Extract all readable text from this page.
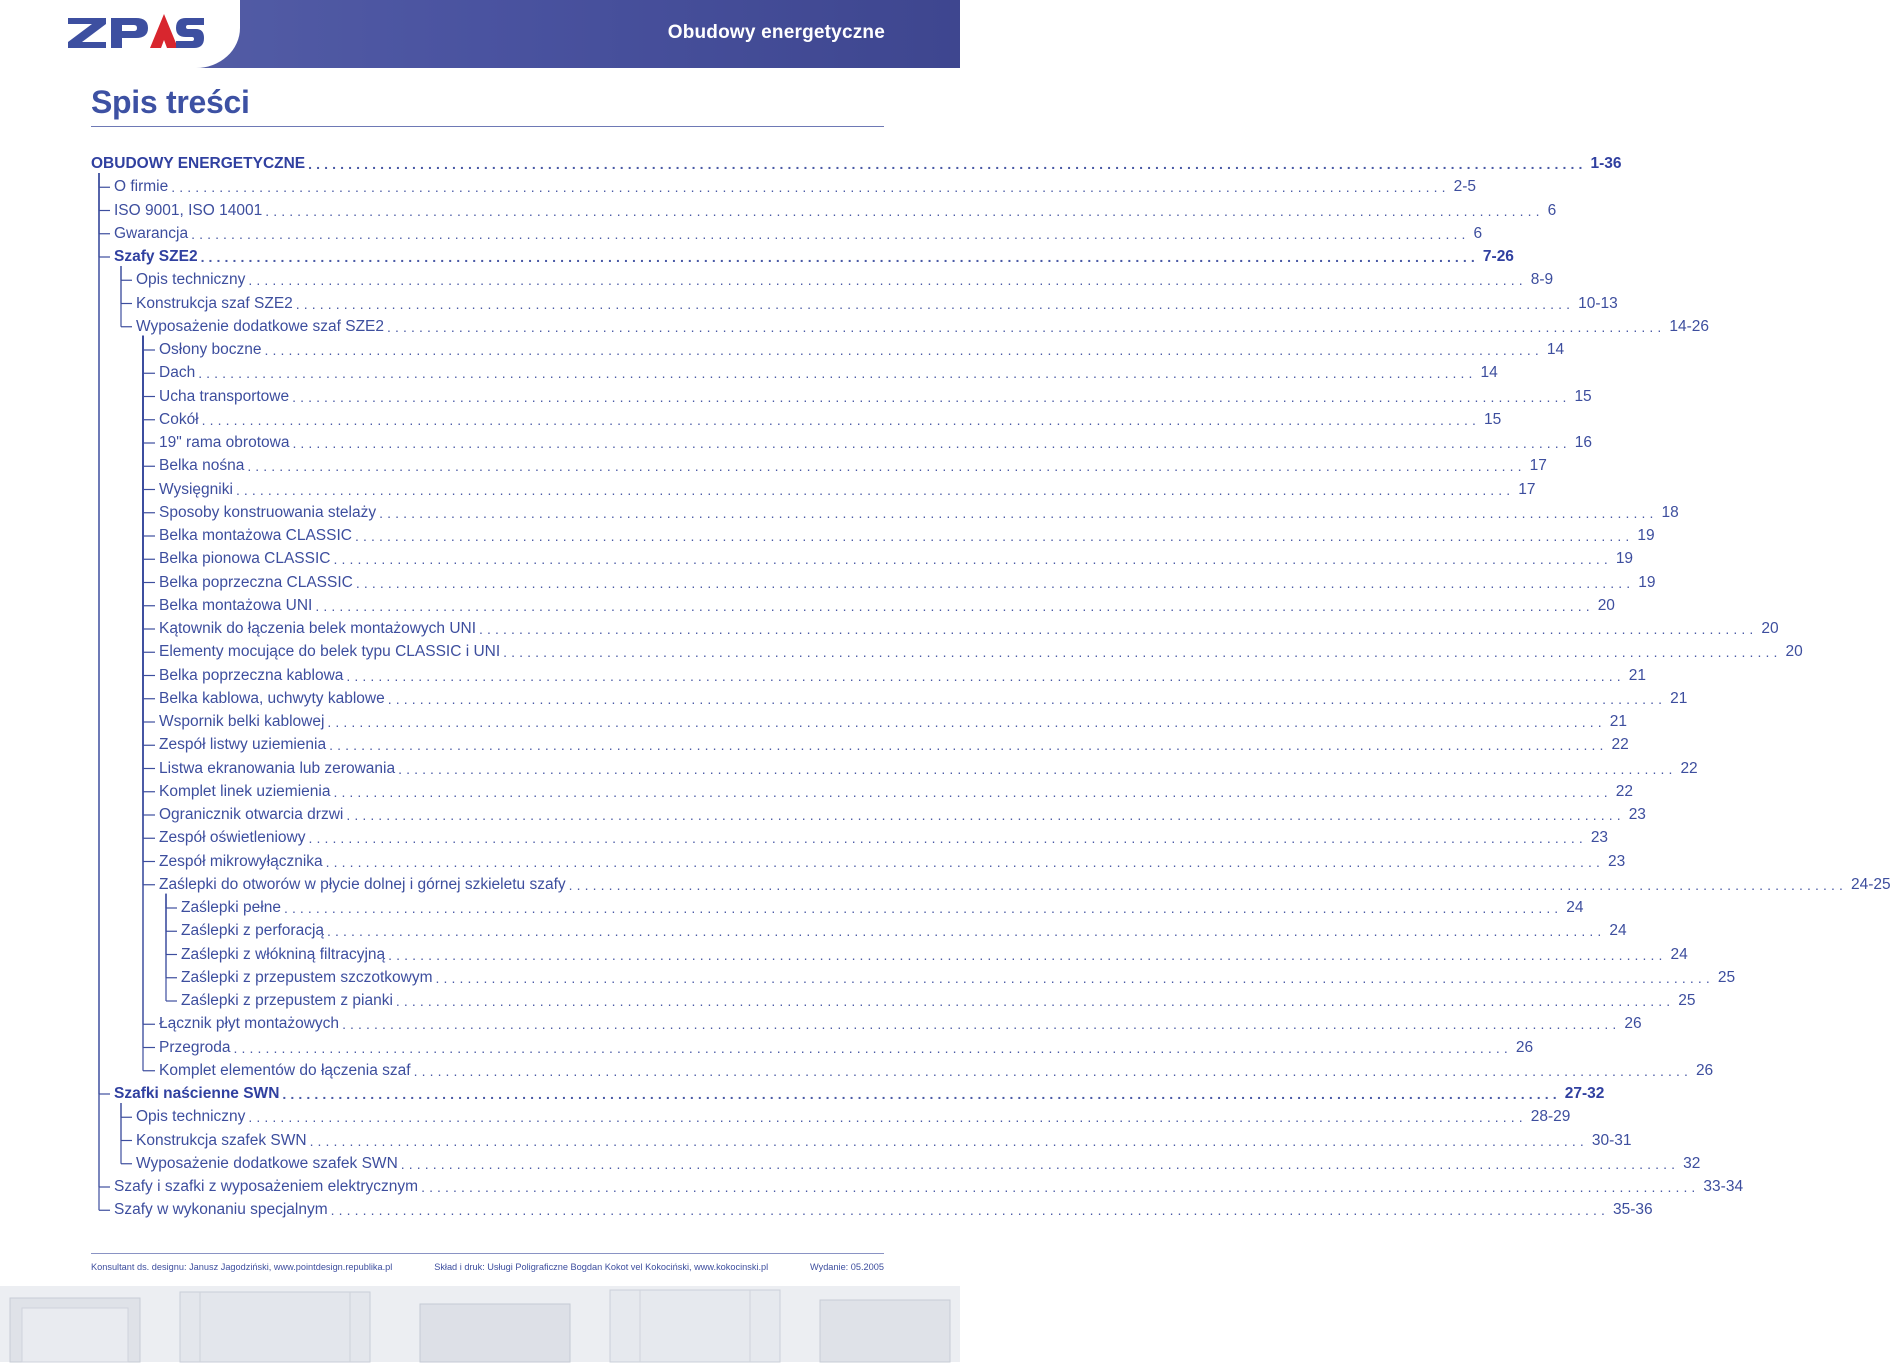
Obudowy energetyczne
Spis treści
OBUDOWY ENERGETYCZNE ................................................................................................................................................................ 1-36
O firmie ................................................................................................................................................................ 2-5
ISO 9001, ISO 14001 ................................................................................................................................................................ 6
Gwarancja ................................................................................................................................................................ 6
Szafy SZE2 ................................................................................................................................................................ 7-26
Opis techniczny ................................................................................................................................................................ 8-9
Konstrukcja szaf SZE2 ................................................................................................................................................................ 10-13
Wyposażenie dodatkowe szaf SZE2 ................................................................................................................................................................ 14-26
Osłony boczne ................................................................................................................................................................ 14
Dach ................................................................................................................................................................ 14
Ucha transportowe ................................................................................................................................................................ 15
Cokół ................................................................................................................................................................ 15
19" rama obrotowa ................................................................................................................................................................ 16
Belka nośna ................................................................................................................................................................ 17
Wysięgniki ................................................................................................................................................................ 17
Sposoby konstruowania stelaży ................................................................................................................................................................ 18
Belka montażowa CLASSIC ................................................................................................................................................................ 19
Belka pionowa CLASSIC ................................................................................................................................................................ 19
Belka poprzeczna CLASSIC ................................................................................................................................................................ 19
Belka montażowa UNI ................................................................................................................................................................ 20
Kątownik do łączenia belek montażowych UNI ................................................................................................................................................................ 20
Elementy mocujące do belek typu CLASSIC i UNI ................................................................................................................................................................ 20
Belka poprzeczna kablowa ................................................................................................................................................................ 21
Belka kablowa, uchwyty kablowe ................................................................................................................................................................ 21
Wspornik belki kablowej ................................................................................................................................................................ 21
Zespół listwy uziemienia ................................................................................................................................................................ 22
Listwa ekranowania lub zerowania ................................................................................................................................................................ 22
Komplet linek uziemienia ................................................................................................................................................................ 22
Ogranicznik otwarcia drzwi ................................................................................................................................................................ 23
Zespół oświetleniowy ................................................................................................................................................................ 23
Zespół mikrowyłącznika ................................................................................................................................................................ 23
Zaślepki do otworów w płycie dolnej i górnej szkieletu szafy ................................................................................................................................................................ 24-25
Zaślepki pełne ................................................................................................................................................................ 24
Zaślepki z perforacją ................................................................................................................................................................ 24
Zaślepki z włókniną filtracyjną ................................................................................................................................................................ 24
Zaślepki z przepustem szczotkowym ................................................................................................................................................................ 25
Zaślepki z przepustem z pianki ................................................................................................................................................................ 25
Łącznik płyt montażowych ................................................................................................................................................................ 26
Przegroda ................................................................................................................................................................ 26
Komplet elementów do łączenia szaf ................................................................................................................................................................ 26
Szafki naścienne SWN ................................................................................................................................................................ 27-32
Opis techniczny ................................................................................................................................................................ 28-29
Konstrukcja szafek SWN ................................................................................................................................................................ 30-31
Wyposażenie dodatkowe szafek SWN ................................................................................................................................................................ 32
Szafy i szafki z wyposażeniem elektrycznym ................................................................................................................................................................ 33-34
Szafy w wykonaniu specjalnym ................................................................................................................................................................ 35-36
Konsultant ds. designu: Janusz Jagodziński, www.pointdesign.republika.pl	Skład i druk: Usługi Poligraficzne Bogdan Kokot vel Kokociński, www.kokocinski.pl	Wydanie: 05.2005
